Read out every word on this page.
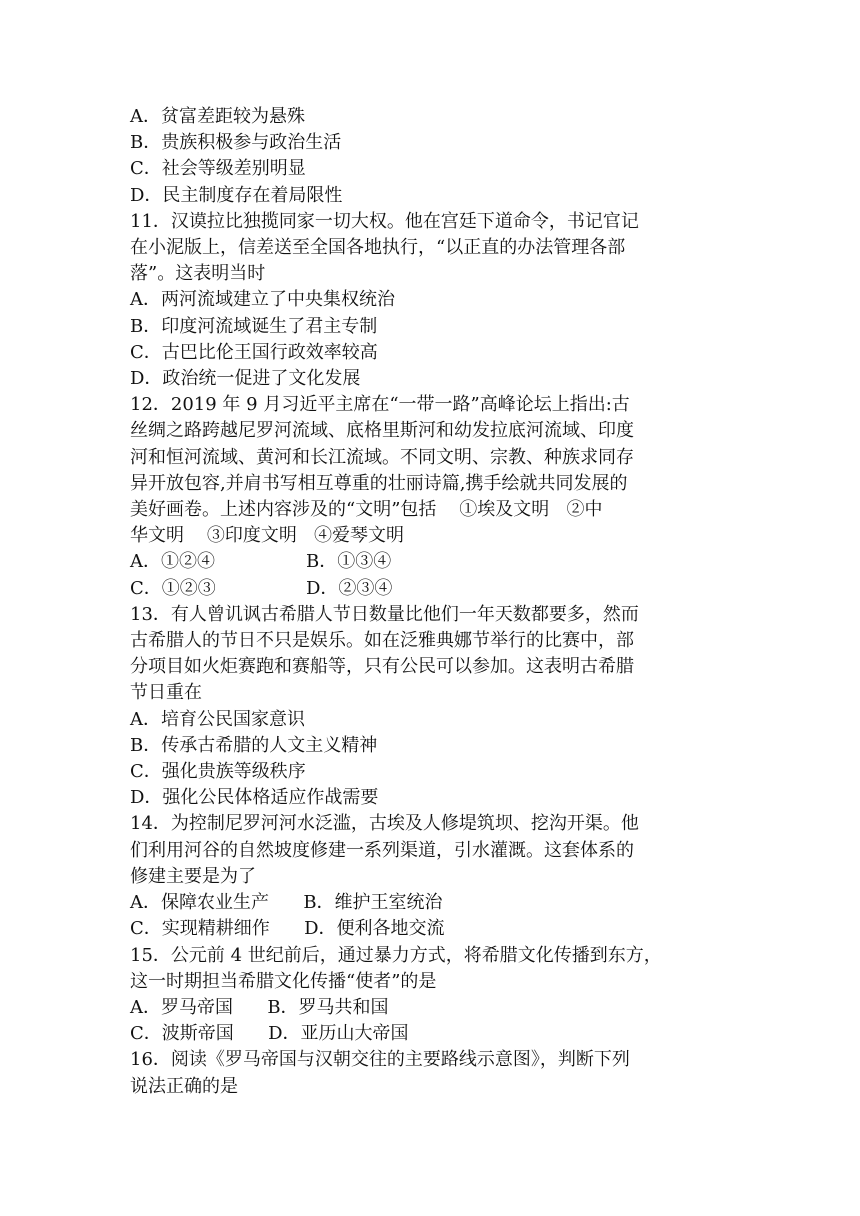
A．贫富差距较为悬殊
B．贵族积极参与政治生活
C．社会等级差别明显
D．民主制度存在着局限性
11．汉谟拉比独揽同家一切大权。他在宫廷下道命令，书记官记
在小泥版上，信差送至全国各地执行，“以正直的办法管理各部
落”。这表明当时
A．两河流域建立了中央集权统治
B．印度河流域诞生了君主专制
C．古巴比伦王国行政效率较高
D．政治统一促进了文化发展
12．2019 年 9 月习近平主席在“一带一路”高峰论坛上指出:古
丝绸之路跨越尼罗河流域、底格里斯河和幼发拉底河流域、印度
河和恒河流域、黄河和长江流域。不同文明、宗教、种族求同存
异开放包容,并肩书写相互尊重的壮丽诗篇,携手绘就共同发展的
美好画卷。上述内容涉及的“文明”包括    ①埃及文明   ②中
华文明    ③印度文明   ④爱琴文明
A．①②④	B．①③④
C．①②③	D．②③④
13．有人曾讥讽古希腊人节日数量比他们一年天数都要多，然而
古希腊人的节日不只是娱乐。如在泛雅典娜节举行的比赛中，部
分项目如火炬赛跑和赛船等，只有公民可以参加。这表明古希腊
节日重在
A．培育公民国家意识
B．传承古希腊的人文主义精神
C．强化贵族等级秩序
D．强化公民体格适应作战需要
14．为控制尼罗河河水泛滥，古埃及人修堤筑坝、挖沟开渠。他
们利用河谷的自然坡度修建一系列渠道，引水灌溉。这套体系的
修建主要是为了
A．保障农业生产      B．维护王室统治
C．实现精耕细作      D．便利各地交流
15．公元前 4 世纪前后，通过暴力方式，将希腊文化传播到东方，
这一时期担当希腊文化传播“使者”的是
A．罗马帝国      B．罗马共和国
C．波斯帝国      D．亚历山大帝国
16．阅读《罗马帝国与汉朝交往的主要路线示意图》，判断下列
说法正确的是
